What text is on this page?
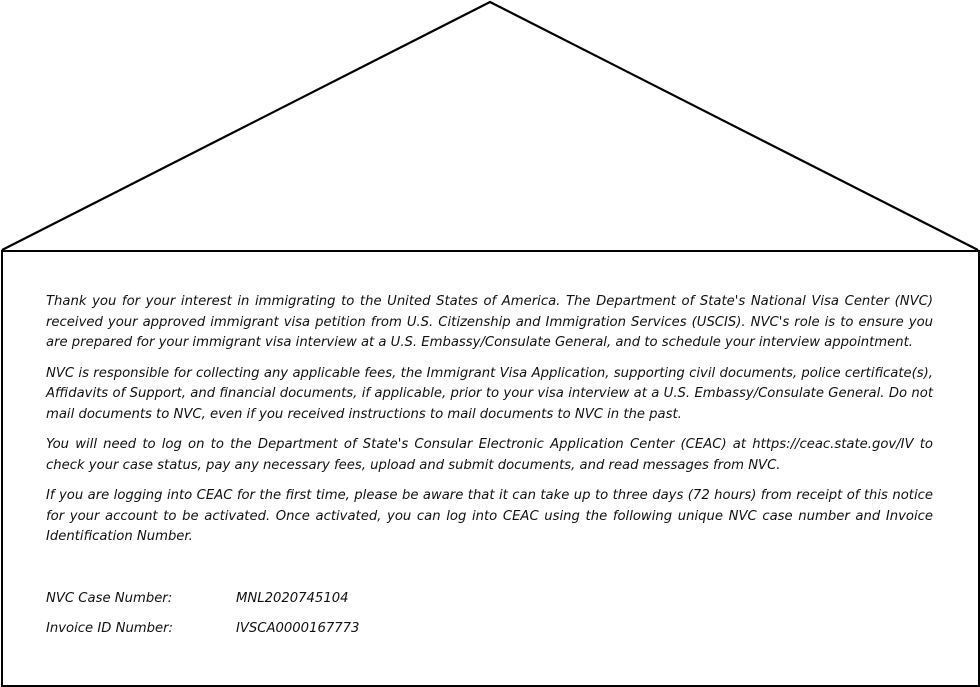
Thank you for your interest in immigrating to the United States of America. The Department of State's National Visa Center (NVC) received your approved immigrant visa petition from U.S. Citizenship and Immigration Services (USCIS). NVC's role is to ensure you are prepared for your immigrant visa interview at a U.S. Embassy/Consulate General, and to schedule your interview appointment.

NVC is responsible for collecting any applicable fees, the Immigrant Visa Application, supporting civil documents, police certificate(s), Affidavits of Support, and financial documents, if applicable, prior to your visa interview at a U.S. Embassy/Consulate General. Do not mail documents to NVC, even if you received instructions to mail documents to NVC in the past.

You will need to log on to the Department of State's Consular Electronic Application Center (CEAC) at https://ceac.state.gov/IV to check your case status, pay any necessary fees, upload and submit documents, and read messages from NVC.

If you are logging into CEAC for the first time, please be aware that it can take up to three days (72 hours) from receipt of this notice for your account to be activated. Once activated, you can log into CEAC using the following unique NVC case number and Invoice Identification Number.

NVC Case Number:	MNL2020745104
Invoice ID Number:	IVSCA0000167773
